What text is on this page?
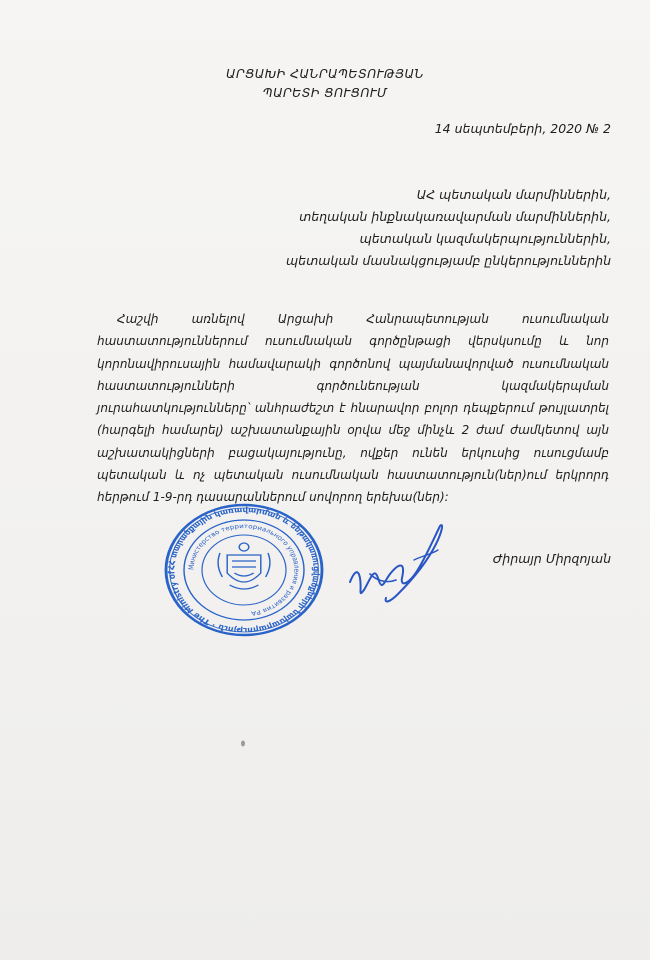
ԱՐՑԱԽԻ ՀԱՆՐԱՊԵՏՈՒԹՅԱՆ
ՊԱՐԵՏԻ ՑՈՒՑՈՒՄ
14 սեպտեմբերի, 2020 № 2
ԱՀ պետական մարմիններին,
տեղական ինքնակառավարման մարմիններին,
պետական կազմակերպություններին,
պետական մասնակցությամբ ընկերություններին
Հաշվի առնելով Արցախի Հանրապետության ուսումնական հաստատություններում ուսումնական գործընթացի վերսկսումը և նոր կորոնավիրուսային համավարակի գործոնով պայմանավորված ուսումնական հաստատությունների գործունեության կազմակերպման յուրահատկությունները՝ անհրաժեշտ է հնարավոր բոլոր դեպքերում թույլատրել (հարգելի համարել) աշխատանքային օրվա մեջ մինչև 2 ժամ ժամկետով այն աշխատակիցների բացակայությունը, ովքեր ունեն երկուսից ուսուցմամբ պետական և ոչ պետական ուսումնական հաստատություն(ներ)ում երկրորդ հերթում 1-9-րդ դասարաններում սովորող երեխա(ներ):
ՀՀ տարածքային կառավարման և ենթակառուցվածքների նախարարություն · The Ministry of
Министерство территориального управления и развития РА
Ժիրայր Միրզոյան
